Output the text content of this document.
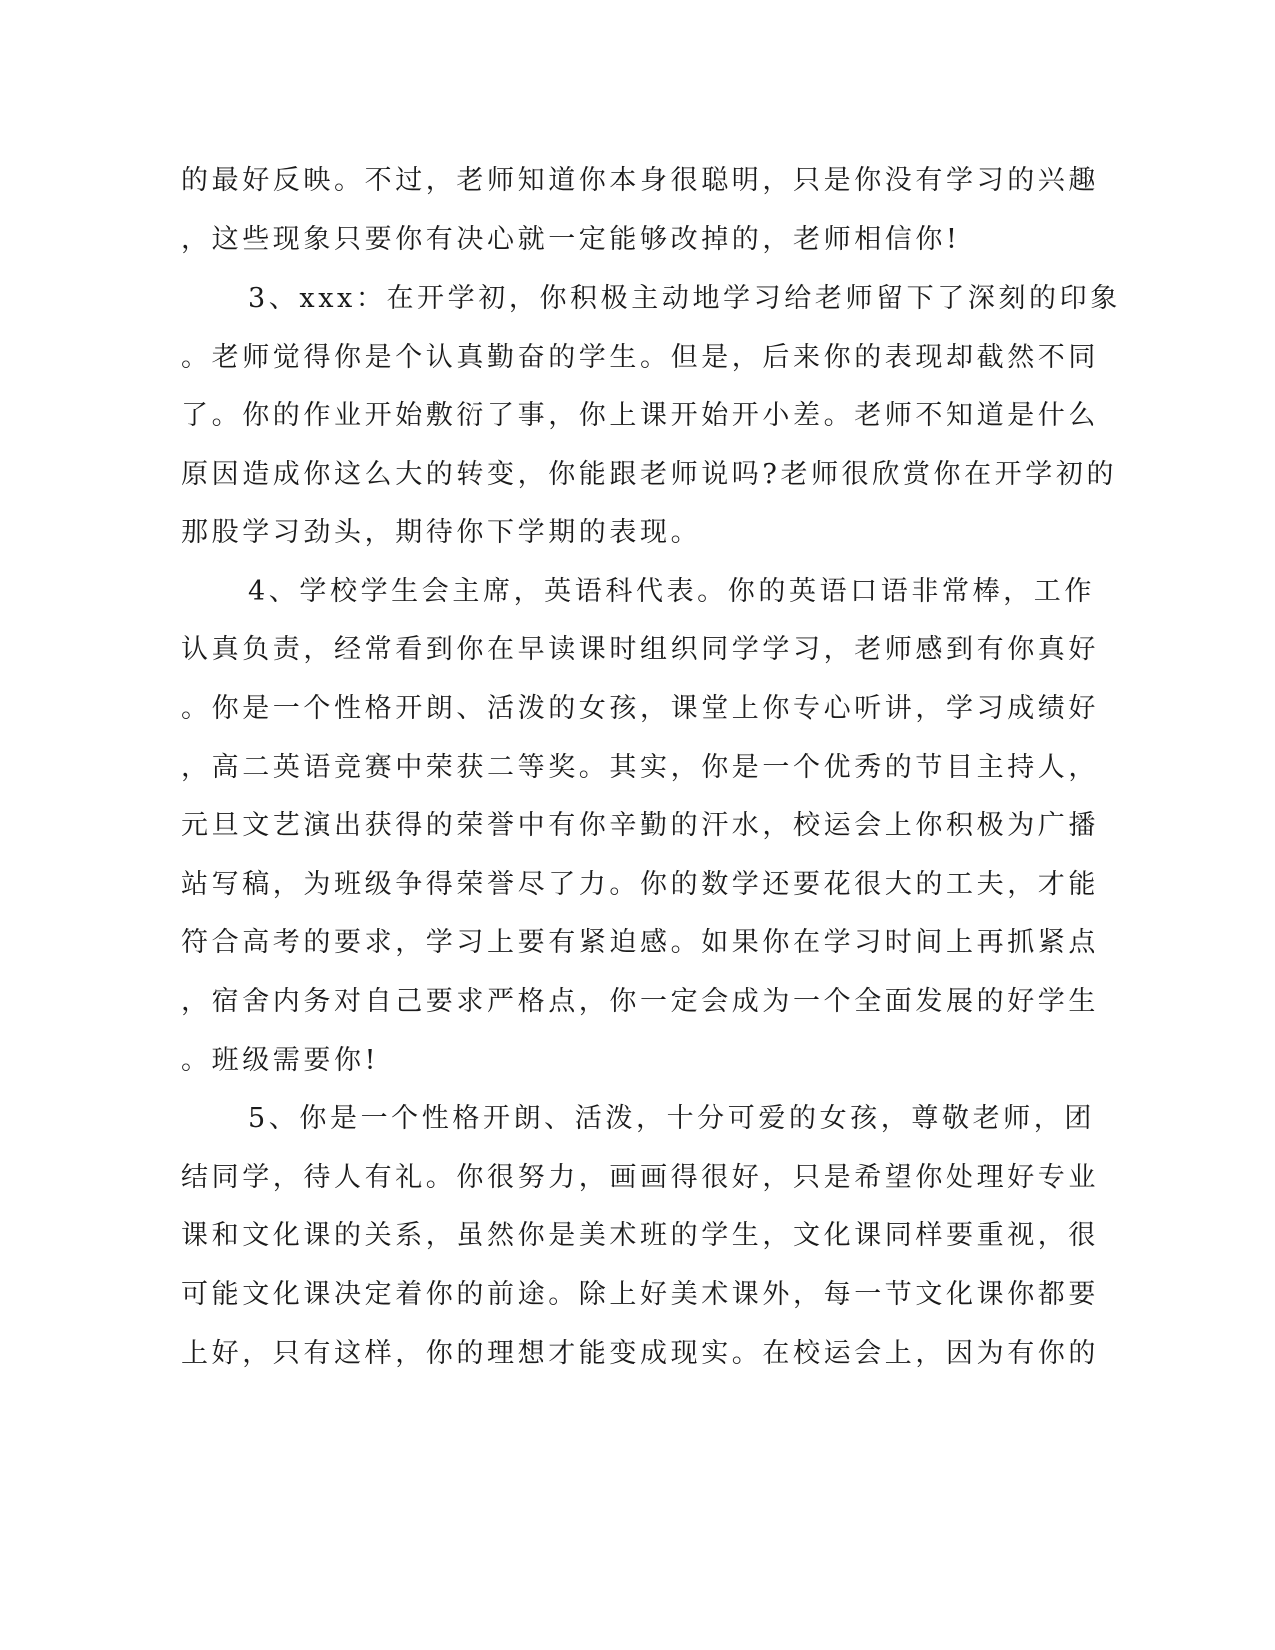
的最好反映。不过，老师知道你本身很聪明，只是你没有学习的兴趣
，这些现象只要你有决心就一定能够改掉的，老师相信你!
3、xxx：在开学初，你积极主动地学习给老师留下了深刻的印象
。老师觉得你是个认真勤奋的学生。但是，后来你的表现却截然不同
了。你的作业开始敷衍了事，你上课开始开小差。老师不知道是什么
原因造成你这么大的转变，你能跟老师说吗?老师很欣赏你在开学初的
那股学习劲头，期待你下学期的表现。
4、学校学生会主席，英语科代表。你的英语口语非常棒，工作
认真负责，经常看到你在早读课时组织同学学习，老师感到有你真好
。你是一个性格开朗、活泼的女孩，课堂上你专心听讲，学习成绩好
，高二英语竞赛中荣获二等奖。其实，你是一个优秀的节目主持人，
元旦文艺演出获得的荣誉中有你辛勤的汗水，校运会上你积极为广播
站写稿，为班级争得荣誉尽了力。你的数学还要花很大的工夫，才能
符合高考的要求，学习上要有紧迫感。如果你在学习时间上再抓紧点
，宿舍内务对自己要求严格点，你一定会成为一个全面发展的好学生
。班级需要你!
5、你是一个性格开朗、活泼，十分可爱的女孩，尊敬老师，团
结同学，待人有礼。你很努力，画画得很好，只是希望你处理好专业
课和文化课的关系，虽然你是美术班的学生，文化课同样要重视，很
可能文化课决定着你的前途。除上好美术课外，每一节文化课你都要
上好，只有这样，你的理想才能变成现实。在校运会上，因为有你的
